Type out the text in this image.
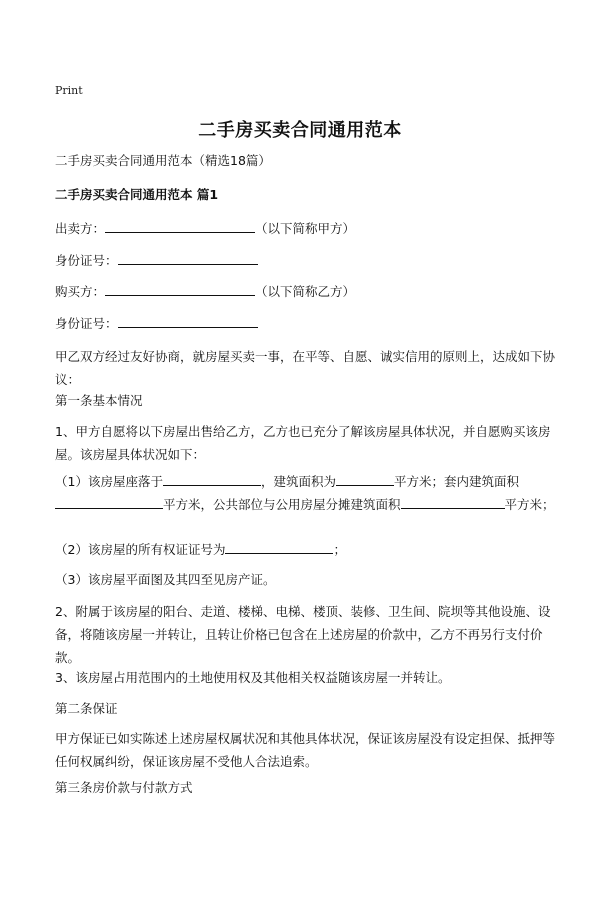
Print
二手房买卖合同通用范本

二手房买卖合同通用范本（精选18篇）

二手房买卖合同通用范本 篇1

出卖方：	（以下简称甲方）

身份证号：

购买方：	（以下简称乙方）

身份证号：

甲乙双方经过友好协商，就房屋买卖一事，在平等、自愿、诚实信用的原则上，达成如下协议：

第一条基本情况

1、甲方自愿将以下房屋出售给乙方，乙方也已充分了解该房屋具体状况，并自愿购买该房屋。该房屋具体状况如下：

（1）该房屋座落于	，建筑面积为	平方米；套内建筑面积平方米，公共部位与公用房屋分摊建筑面积	平方米；

（2）该房屋的所有权证证号为	；

（3）该房屋平面图及其四至见房产证。

2、附属于该房屋的阳台、走道、楼梯、电梯、楼顶、装修、卫生间、院坝等其他设施、设备，将随该房屋一并转让，且转让价格已包含在上述房屋的价款中，乙方不再另行支付价款。

3、该房屋占用范围内的土地使用权及其他相关权益随该房屋一并转让。

第二条保证

甲方保证已如实陈述上述房屋权属状况和其他具体状况，保证该房屋没有设定担保、抵押等任何权属纠纷，保证该房屋不受他人合法追索。

第三条房价款与付款方式
